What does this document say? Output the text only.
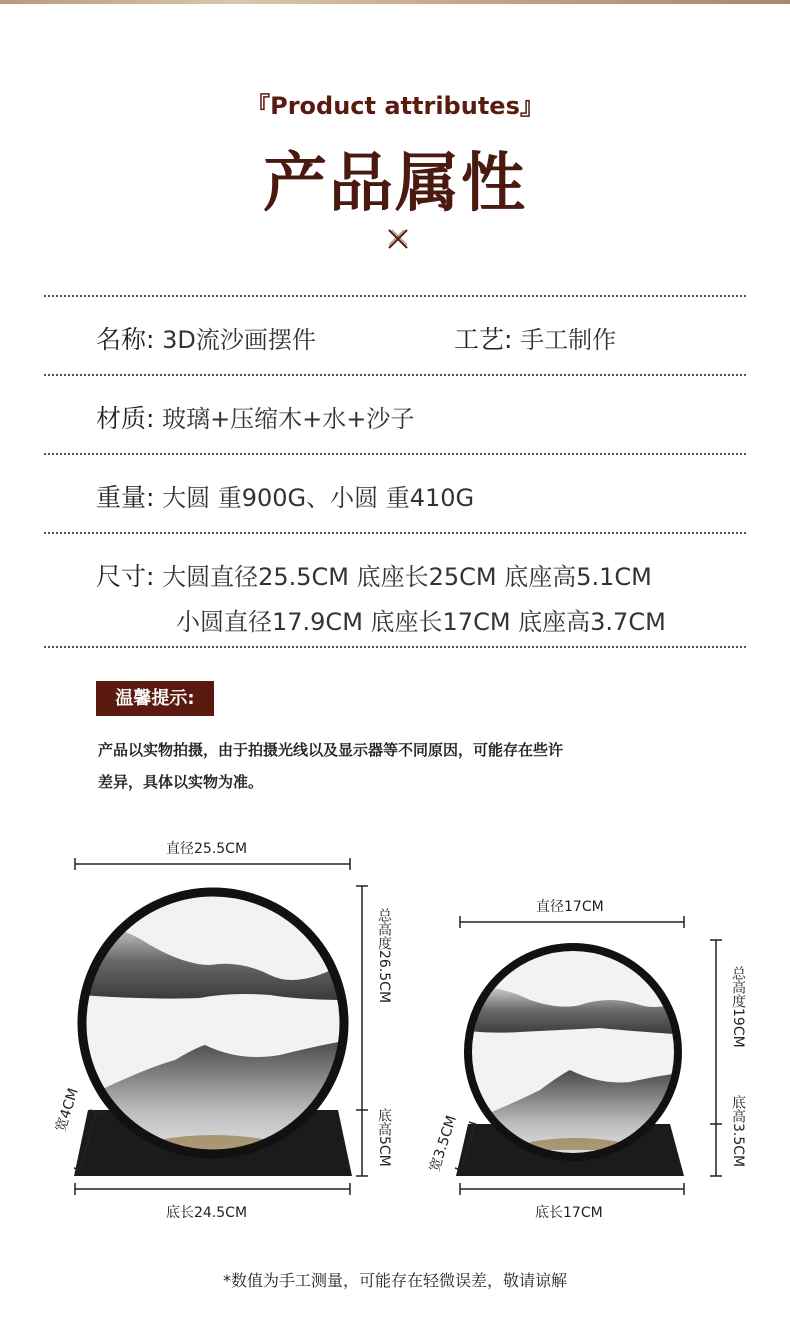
『Product attributes』
产品属性
名称: 3D流沙画摆件	工艺: 手工制作
材质: 玻璃+压缩木+水+沙子
重量: 大圆 重900G、小圆 重410G
尺寸: 大圆直径25.5CM 底座长25CM 底座高5.1CM
小圆直径17.9CM 底座长17CM 底座高3.7CM
温馨提示:
产品以实物拍摄，由于拍摄光线以及显示器等不同原因，可能存在些许
差异，具体以实物为准。
直径25.5CM
总高度26.5CM
底高5CM
宽4CM
底长24.5CM
直径17CM
总高度19CM
底高3.5CM
宽3.5CM
底长17CM
*数值为手工测量，可能存在轻微误差，敬请谅解
